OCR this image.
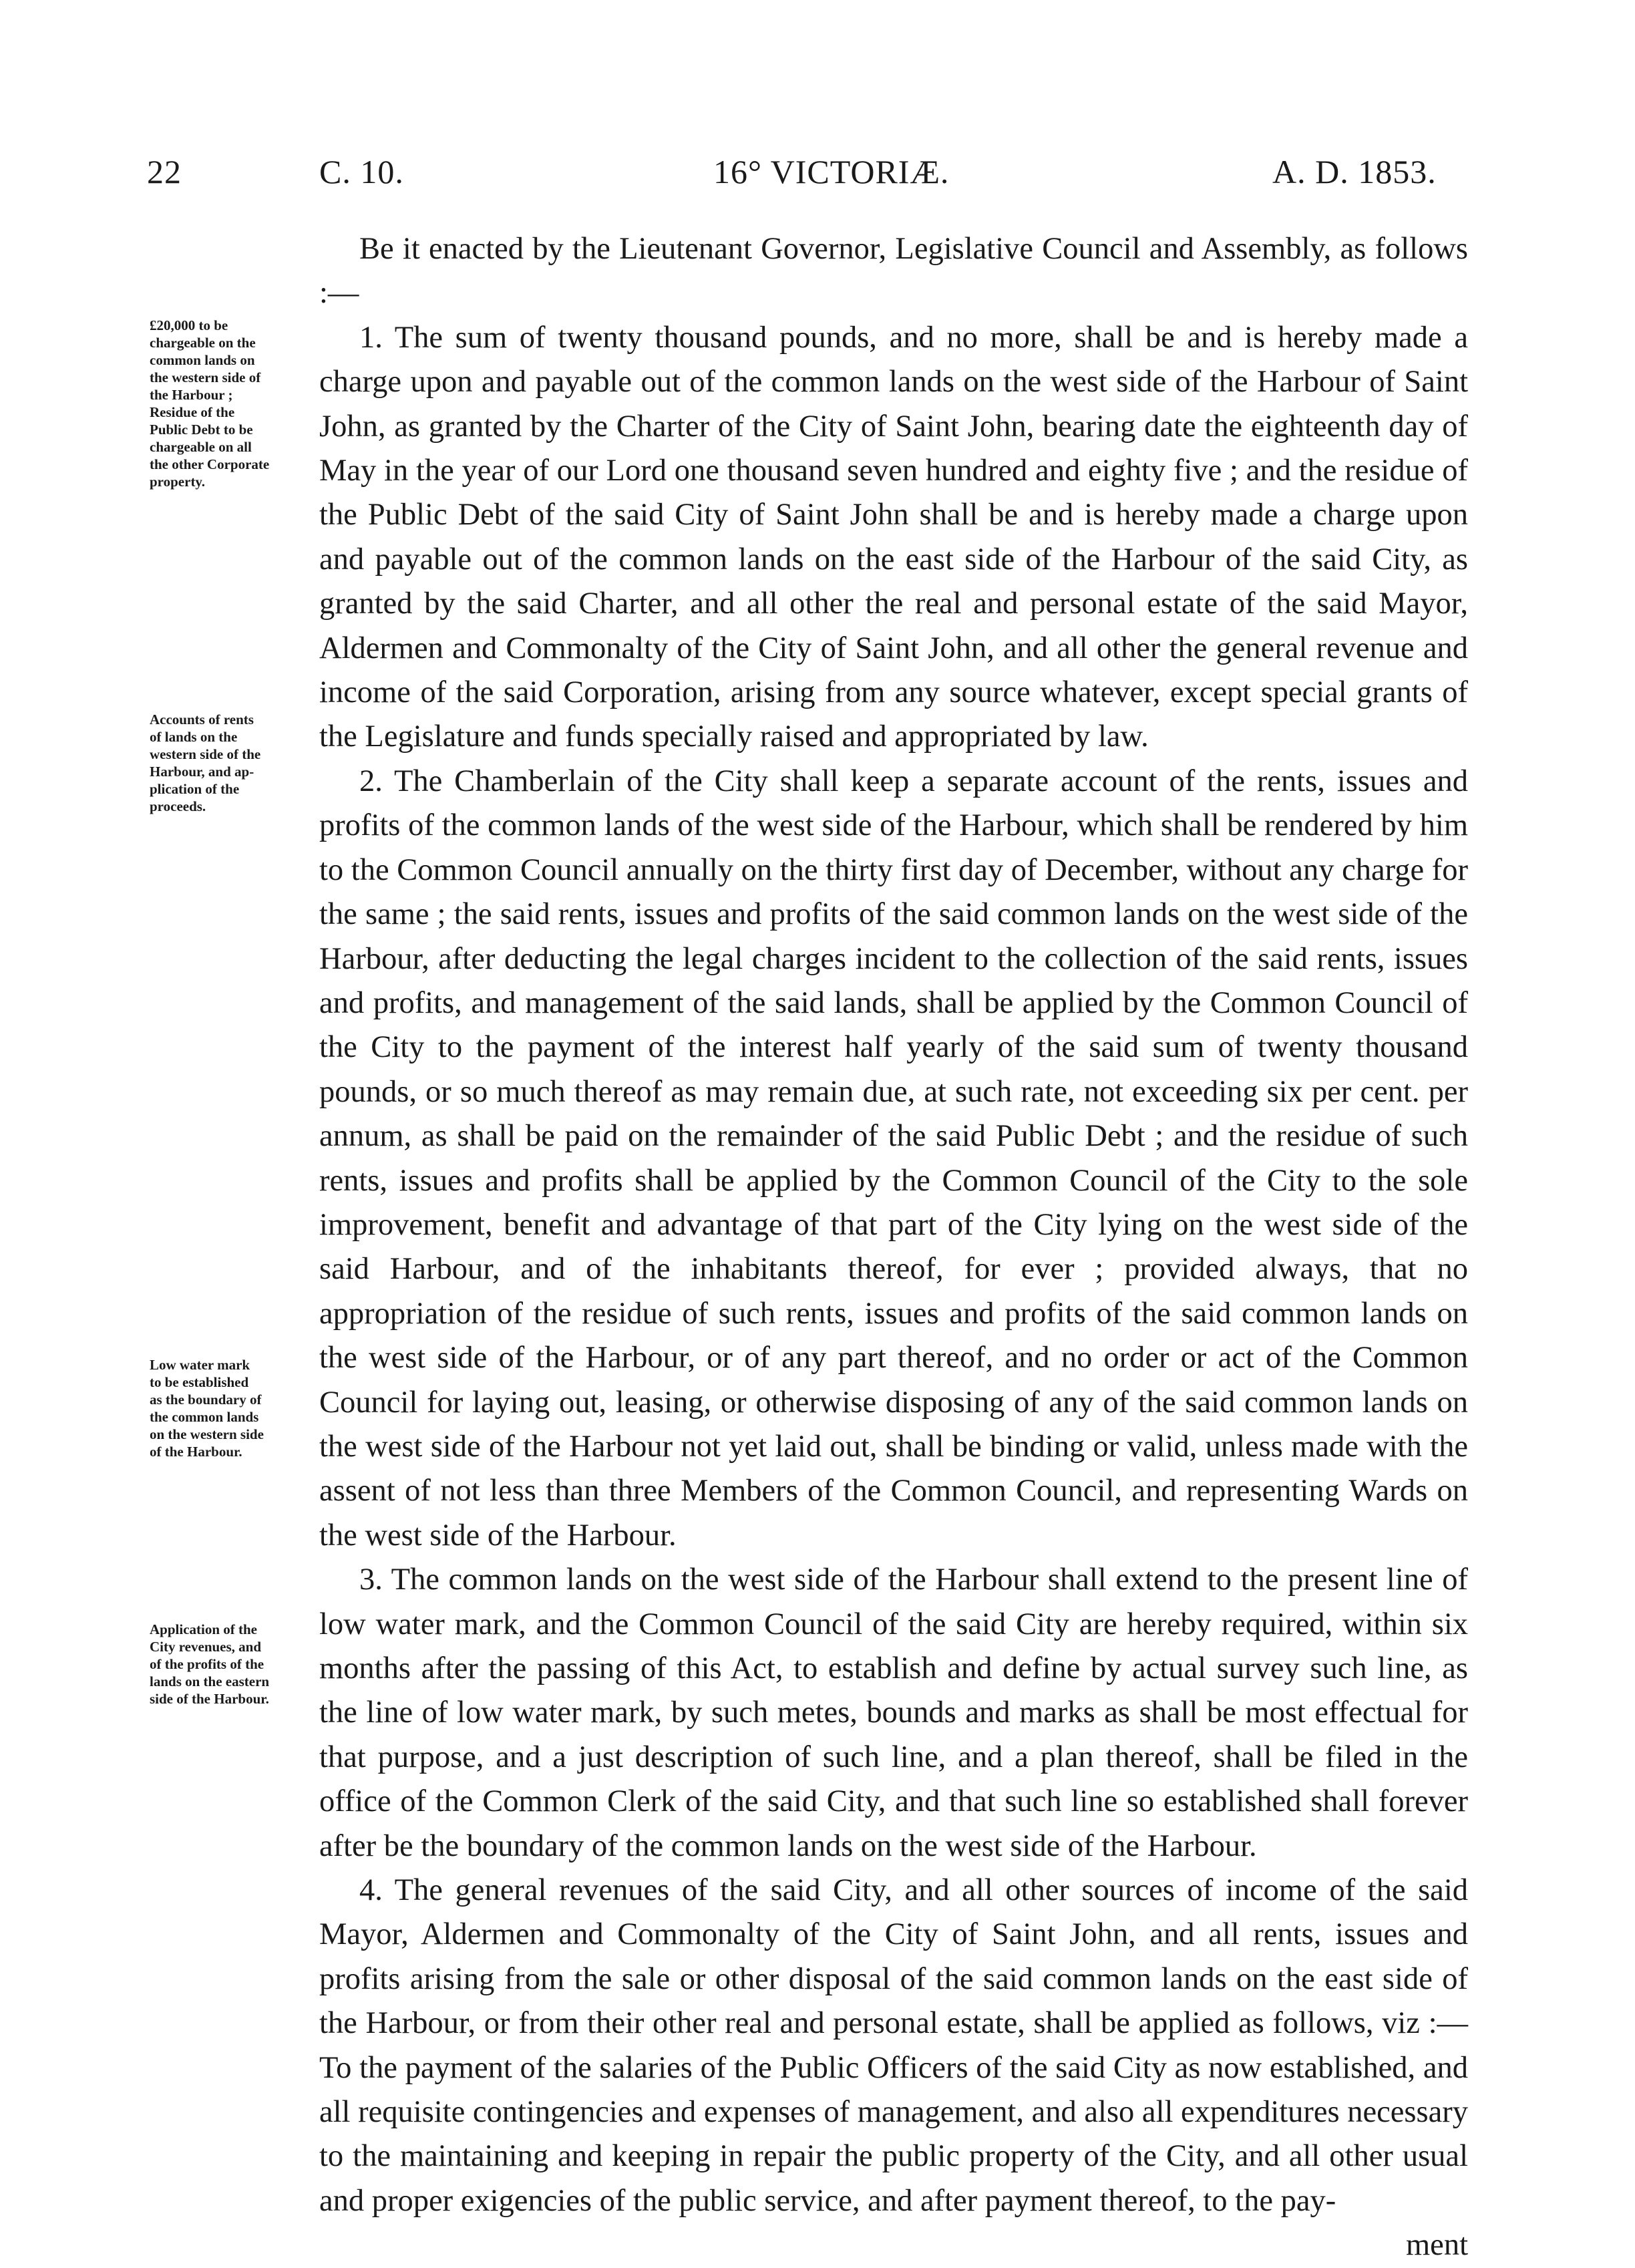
22	C. 10.	16° VICTORIÆ.	A. D. 1853.
£20,000 to be
chargeable on the
common lands on
the western side of
the Harbour ;
Residue of the
Public Debt to be
chargeable on all
the other Corporate
property.
Accounts of rents
of lands on the
western side of the
Harbour, and ap-
plication of the
proceeds.
Low water mark
to be established
as the boundary of
the common lands
on the western side
of the Harbour.
Application of the
City revenues, and
of the profits of the
lands on the eastern
side of the Harbour.

Be it enacted by the Lieutenant Governor, Legislative Council and Assembly, as follows :—

1. The sum of twenty thousand pounds, and no more, shall be and is hereby made a charge upon and payable out of the common lands on the west side of the Harbour of Saint John, as granted by the Charter of the City of Saint John, bearing date the eighteenth day of May in the year of our Lord one thousand seven hundred and eighty five ; and the residue of the Public Debt of the said City of Saint John shall be and is hereby made a charge upon and payable out of the common lands on the east side of the Harbour of the said City, as granted by the said Charter, and all other the real and personal estate of the said Mayor, Aldermen and Commonalty of the City of Saint John, and all other the general revenue and income of the said Corporation, arising from any source whatever, except special grants of the Legislature and funds specially raised and appropriated by law.

2. The Chamberlain of the City shall keep a separate account of the rents, issues and profits of the common lands of the west side of the Harbour, which shall be rendered by him to the Common Council annually on the thirty first day of December, without any charge for the same ; the said rents, issues and profits of the said common lands on the west side of the Harbour, after deducting the legal charges incident to the collection of the said rents, issues and profits, and management of the said lands, shall be applied by the Common Council of the City to the payment of the interest half yearly of the said sum of twenty thousand pounds, or so much thereof as may remain due, at such rate, not exceeding six per cent. per annum, as shall be paid on the remainder of the said Public Debt ; and the residue of such rents, issues and profits shall be applied by the Common Council of the City to the sole improvement, benefit and advantage of that part of the City lying on the west side of the said Harbour, and of the inhabitants thereof, for ever ; provided always, that no appropriation of the residue of such rents, issues and profits of the said common lands on the west side of the Harbour, or of any part thereof, and no order or act of the Common Council for laying out, leasing, or otherwise disposing of any of the said common lands on the west side of the Harbour not yet laid out, shall be binding or valid, unless made with the assent of not less than three Members of the Common Council, and representing Wards on the west side of the Harbour.

3. The common lands on the west side of the Harbour shall extend to the present line of low water mark, and the Common Council of the said City are hereby required, within six months after the passing of this Act, to establish and define by actual survey such line, as the line of low water mark, by such metes, bounds and marks as shall be most effectual for that purpose, and a just description of such line, and a plan thereof, shall be filed in the office of the Common Clerk of the said City, and that such line so established shall forever after be the boundary of the common lands on the west side of the Harbour.

4. The general revenues of the said City, and all other sources of income of the said Mayor, Aldermen and Commonalty of the City of Saint John, and all rents, issues and profits arising from the sale or other disposal of the said common lands on the east side of the Harbour, or from their other real and personal estate, shall be applied as follows, viz :—To the payment of the salaries of the Public Officers of the said City as now established, and all requisite contingencies and expenses of management, and also all expenditures necessary to the maintaining and keeping in repair the public property of the City, and all other usual and proper exigencies of the public service, and after payment thereof, to the pay-

ment
